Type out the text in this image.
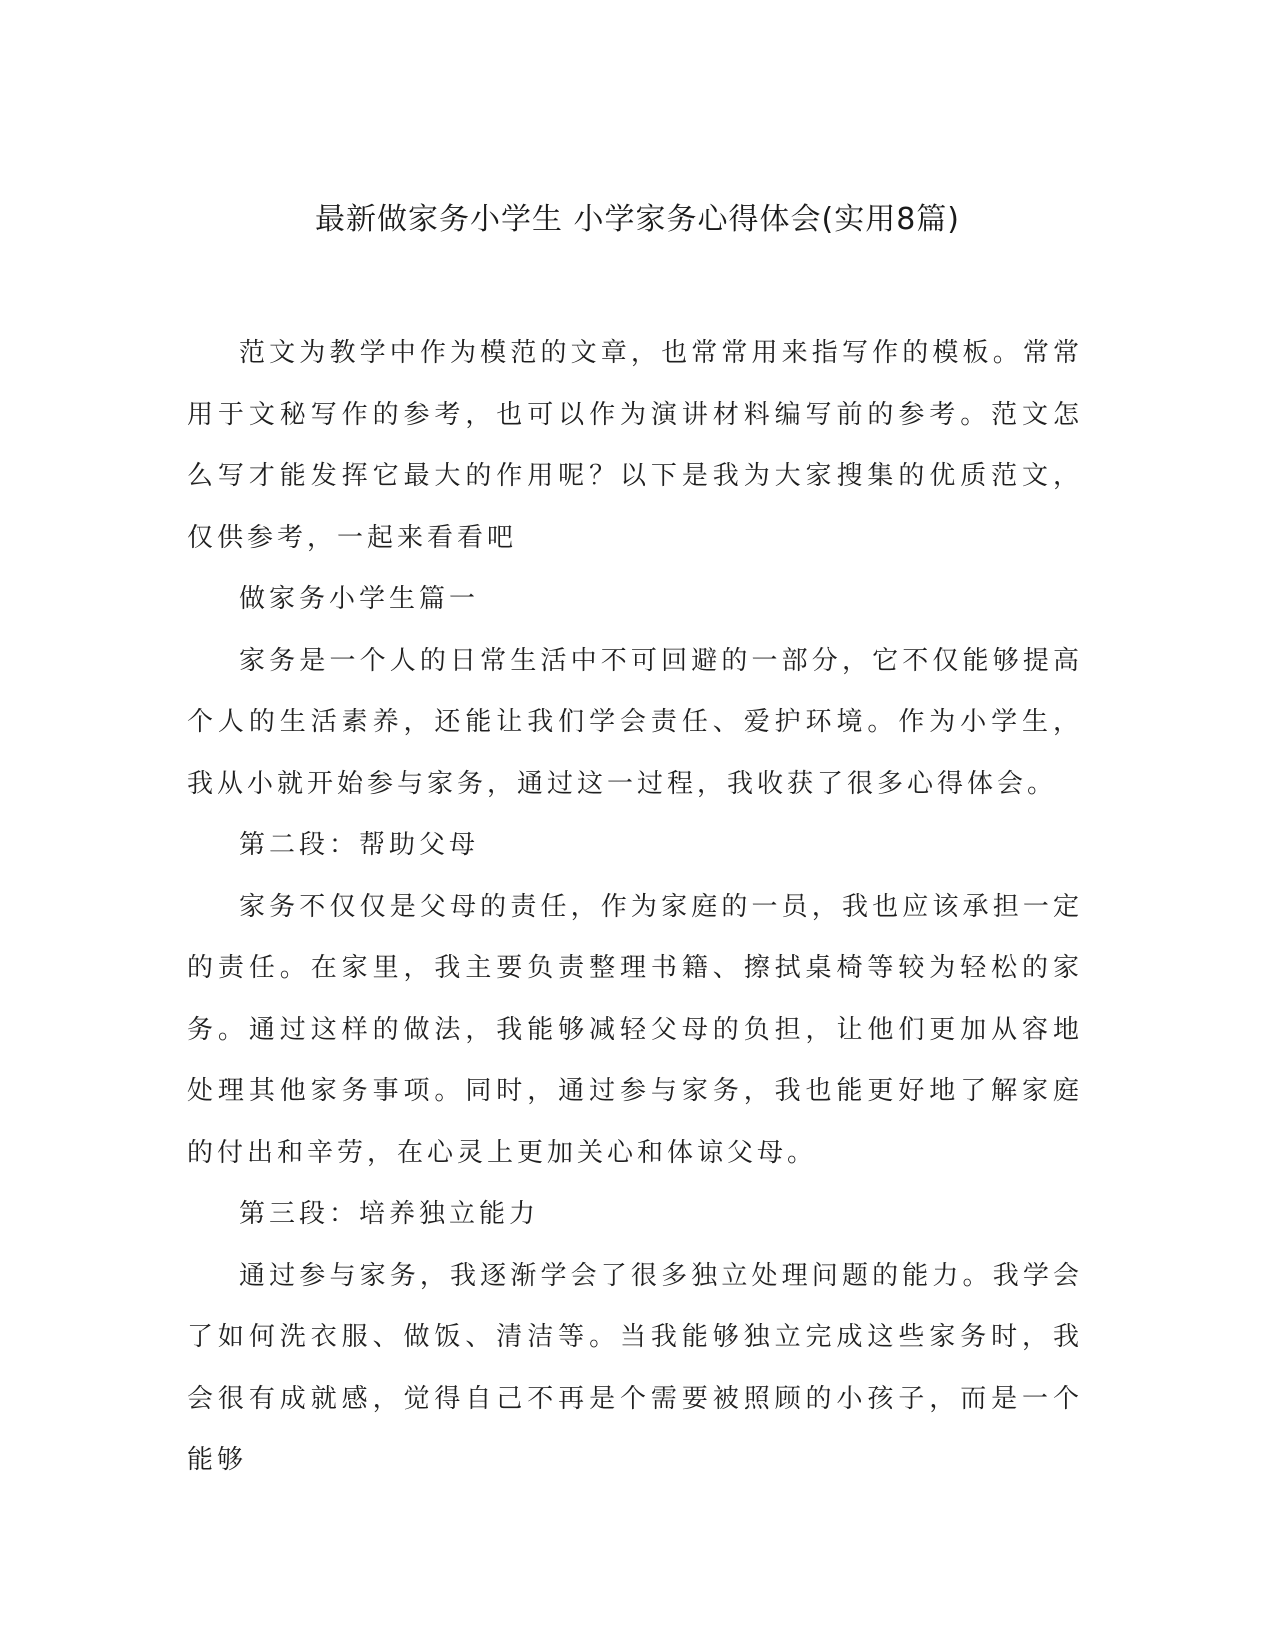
最新做家务小学生 小学家务心得体会(实用8篇)

范文为教学中作为模范的文章，也常常用来指写作的模板。常常用于文秘写作的参考，也可以作为演讲材料编写前的参考。范文怎么写才能发挥它最大的作用呢？以下是我为大家搜集的优质范文，仅供参考，一起来看看吧

做家务小学生篇一

家务是一个人的日常生活中不可回避的一部分，它不仅能够提高个人的生活素养，还能让我们学会责任、爱护环境。作为小学生，我从小就开始参与家务，通过这一过程，我收获了很多心得体会。

第二段：帮助父母

家务不仅仅是父母的责任，作为家庭的一员，我也应该承担一定的责任。在家里，我主要负责整理书籍、擦拭桌椅等较为轻松的家务。通过这样的做法，我能够减轻父母的负担，让他们更加从容地处理其他家务事项。同时，通过参与家务，我也能更好地了解家庭的付出和辛劳，在心灵上更加关心和体谅父母。

第三段：培养独立能力

通过参与家务，我逐渐学会了很多独立处理问题的能力。我学会了如何洗衣服、做饭、清洁等。当我能够独立完成这些家务时，我会很有成就感，觉得自己不再是个需要被照顾的小孩子，而是一个能够
